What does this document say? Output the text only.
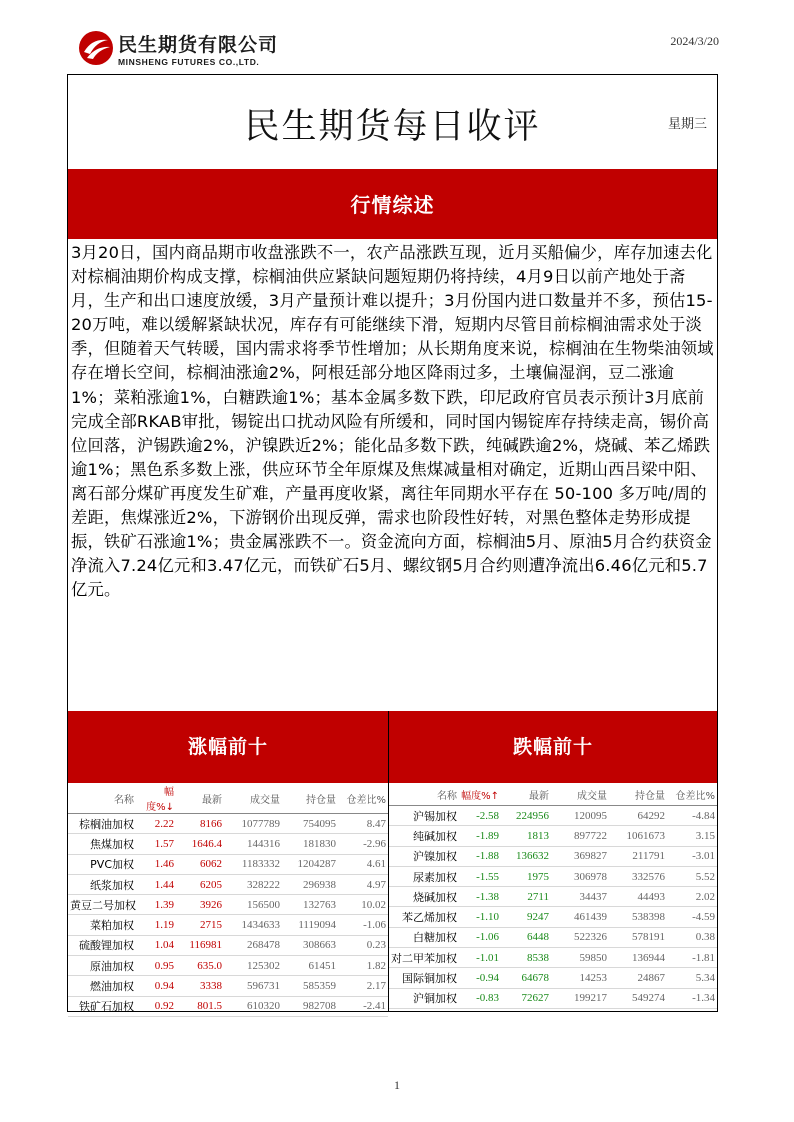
民生期货有限公司
MINSHENG FUTURES CO.,LTD.
2024/3/20
民生期货每日收评	星期三
行情综述
3月20日，国内商品期市收盘涨跌不一，农产品涨跌互现，近月买船偏少，库存加速去化对棕榈油期价构成支撑，棕榈油供应紧缺问题短期仍将持续，4月9日以前产地处于斋月，生产和出口速度放缓，3月产量预计难以提升；3月份国内进口数量并不多，预估15-20万吨，难以缓解紧缺状况，库存有可能继续下滑，短期内尽管目前棕榈油需求处于淡季，但随着天气转暖，国内需求将季节性增加；从长期角度来说，棕榈油在生物柴油领域存在增长空间，棕榈油涨逾2%，阿根廷部分地区降雨过多，土壤偏湿润，豆二涨逾1%；菜粕涨逾1%，白糖跌逾1%；基本金属多数下跌，印尼政府官员表示预计3月底前完成全部RKAB审批，锡锭出口扰动风险有所缓和，同时国内锡锭库存持续走高，锡价高位回落，沪锡跌逾2%，沪镍跌近2%；能化品多数下跌，纯碱跌逾2%，烧碱、苯乙烯跌逾1%；黑色系多数上涨，供应环节全年原煤及焦煤减量相对确定，近期山西吕梁中阳、离石部分煤矿再度发生矿难，产量再度收紧，离往年同期水平存在 50-100 多万吨/周的差距，焦煤涨近2%，下游钢价出现反弹，需求也阶段性好转，对黑色整体走势形成提振，铁矿石涨逾1%；贵金属涨跌不一。资金流向方面，棕榈油5月、原油5月合约获资金净流入7.24亿元和3.47亿元，而铁矿石5月、螺纹钢5月合约则遭净流出6.46亿元和5.7亿元。
涨幅前十
名称	幅度%↓	最新	成交量	持仓量	仓差比%
棕榈油加权	2.22	8166	1077789	754095	8.47
焦煤加权	1.57	1646.4	144316	181830	-2.96
PVC加权	1.46	6062	1183332	1204287	4.61
纸浆加权	1.44	6205	328222	296938	4.97
黄豆二号加权	1.39	3926	156500	132763	10.02
菜粕加权	1.19	2715	1434633	1119094	-1.06
硫酸锂加权	1.04	116981	268478	308663	0.23
原油加权	0.95	635.0	125302	61451	1.82
燃油加权	0.94	3338	596731	585359	2.17
铁矿石加权	0.92	801.5	610320	982708	-2.41
跌幅前十
名称	幅度%↑	最新	成交量	持仓量	仓差比%
沪锡加权	-2.58	224956	120095	64292	-4.84
纯碱加权	-1.89	1813	897722	1061673	3.15
沪镍加权	-1.88	136632	369827	211791	-3.01
尿素加权	-1.55	1975	306978	332576	5.52
烧碱加权	-1.38	2711	34437	44493	2.02
苯乙烯加权	-1.10	9247	461439	538398	-4.59
白糖加权	-1.06	6448	522326	578191	0.38
对二甲苯加权	-1.01	8538	59850	136944	-1.81
国际铜加权	-0.94	64678	14253	24867	5.34
沪铜加权	-0.83	72627	199217	549274	-1.34
1
